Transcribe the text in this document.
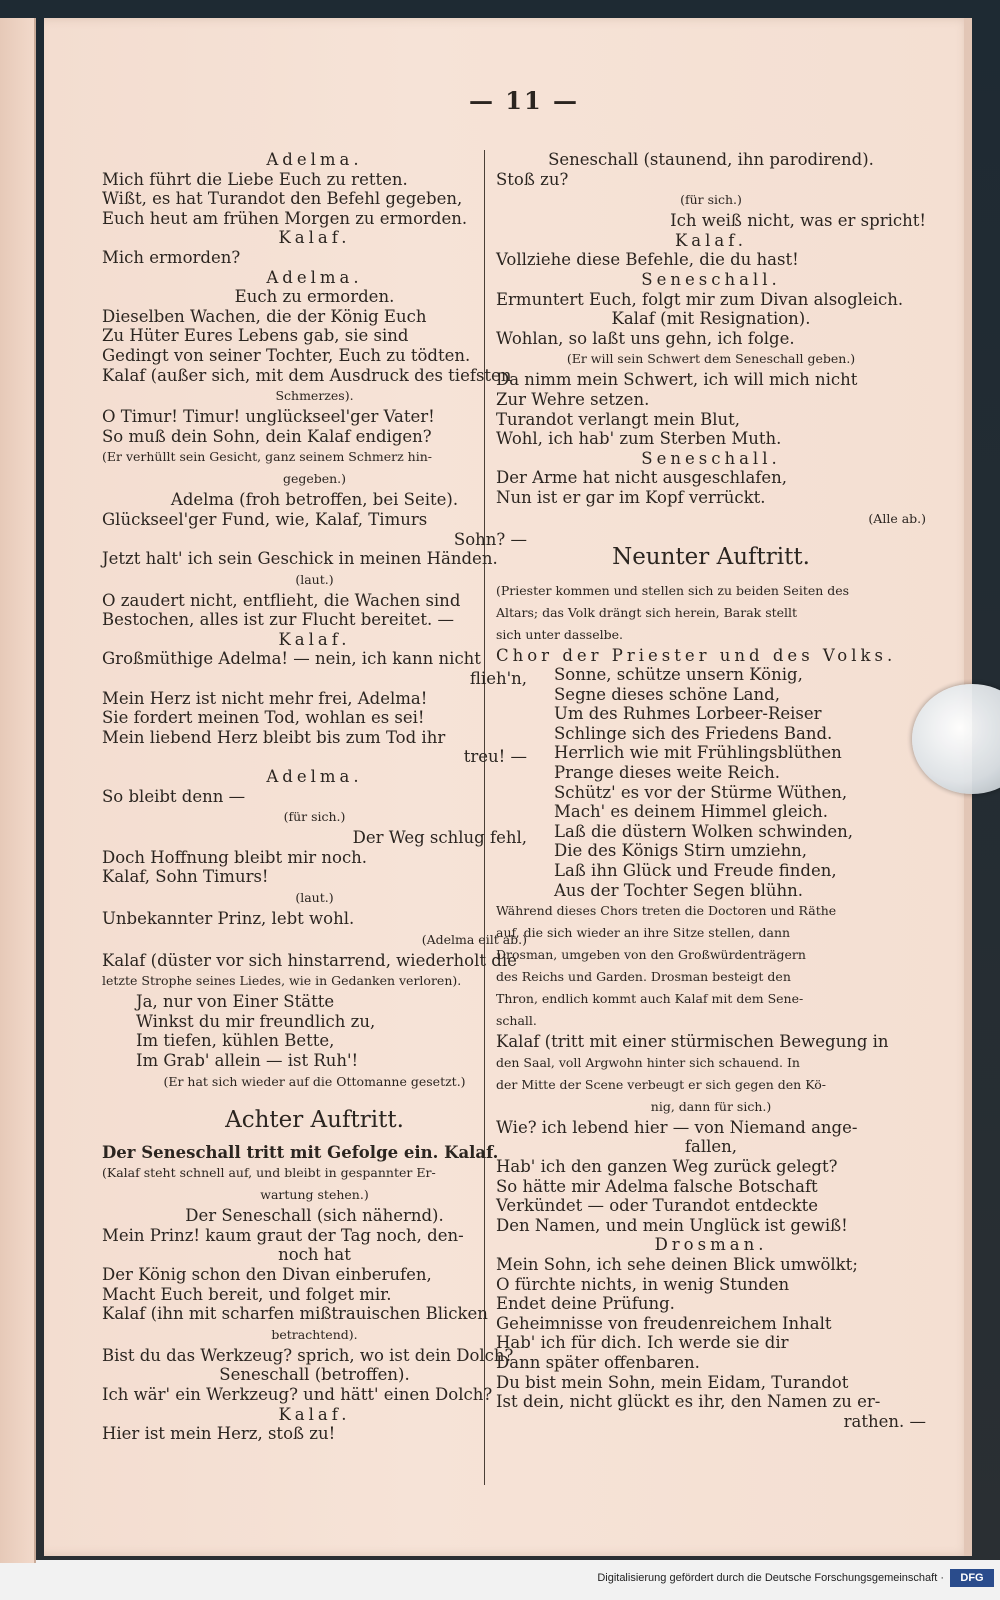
— 11 —
Adelma.
Mich führt die Liebe Euch zu retten.
Wißt, es hat Turandot den Befehl gegeben,
Euch heut am frühen Morgen zu ermorden.
Kalaf.
Mich ermorden?
Adelma.
Euch zu ermorden.
Dieselben Wachen, die der König Euch
Zu Hüter Eures Lebens gab, sie sind
Gedingt von seiner Tochter, Euch zu tödten.
Kalaf (außer sich, mit dem Ausdruck des tiefsten
Schmerzes).
O Timur! Timur! unglückseel'ger Vater!
So muß dein Sohn, dein Kalaf endigen?
(Er verhüllt sein Gesicht, ganz seinem Schmerz hin-
gegeben.)
Adelma (froh betroffen, bei Seite).
Glückseel'ger Fund, wie, Kalaf, Timurs
Sohn? —
Jetzt halt' ich sein Geschick in meinen Händen.
(laut.)
O zaudert nicht, entflieht, die Wachen sind
Bestochen, alles ist zur Flucht bereitet. —
Kalaf.
Großmüthige Adelma! — nein, ich kann nicht
flieh'n,
Mein Herz ist nicht mehr frei, Adelma!
Sie fordert meinen Tod, wohlan es sei!
Mein liebend Herz bleibt bis zum Tod ihr
treu! —
Adelma.
So bleibt denn —
(für sich.)
Der Weg schlug fehl,
Doch Hoffnung bleibt mir noch.
Kalaf, Sohn Timurs!
(laut.)
Unbekannter Prinz, lebt wohl.
(Adelma eilt ab.)
Kalaf (düster vor sich hinstarrend, wiederholt die
letzte Strophe seines Liedes, wie in Gedanken verloren).
Ja, nur von Einer Stätte
Winkst du mir freundlich zu,
Im tiefen, kühlen Bette,
Im Grab' allein — ist Ruh'!
(Er hat sich wieder auf die Ottomanne gesetzt.)
Achter Auftritt.
Der Seneschall tritt mit Gefolge ein. Kalaf.
(Kalaf steht schnell auf, und bleibt in gespannter Er-
wartung stehen.)
Der Seneschall (sich nähernd).
Mein Prinz! kaum graut der Tag noch, den-
noch hat
Der König schon den Divan einberufen,
Macht Euch bereit, und folget mir.
Kalaf (ihn mit scharfen mißtrauischen Blicken
betrachtend).
Bist du das Werkzeug? sprich, wo ist dein Dolch?
Seneschall (betroffen).
Ich wär' ein Werkzeug? und hätt' einen Dolch?
Kalaf.
Hier ist mein Herz, stoß zu!
Seneschall (staunend, ihn parodirend).
Stoß zu?
(für sich.)
Ich weiß nicht, was er spricht!
Kalaf.
Vollziehe diese Befehle, die du hast!
Seneschall.
Ermuntert Euch, folgt mir zum Divan alsogleich.
Kalaf (mit Resignation).
Wohlan, so laßt uns gehn, ich folge.
(Er will sein Schwert dem Seneschall geben.)
Da nimm mein Schwert, ich will mich nicht
Zur Wehre setzen.
Turandot verlangt mein Blut,
Wohl, ich hab' zum Sterben Muth.
Seneschall.
Der Arme hat nicht ausgeschlafen,
Nun ist er gar im Kopf verrückt.
(Alle ab.)
Neunter Auftritt.
(Priester kommen und stellen sich zu beiden Seiten des
Altars; das Volk drängt sich herein, Barak stellt
sich unter dasselbe.
Chor der Priester und des Volks.
Sonne, schütze unsern König,
Segne dieses schöne Land,
Um des Ruhmes Lorbeer-Reiser
Schlinge sich des Friedens Band.
Herrlich wie mit Frühlingsblüthen
Prange dieses weite Reich.
Schütz' es vor der Stürme Wüthen,
Mach' es deinem Himmel gleich.
Laß die düstern Wolken schwinden,
Die des Königs Stirn umziehn,
Laß ihn Glück und Freude finden,
Aus der Tochter Segen blühn.
Während dieses Chors treten die Doctoren und Räthe
auf, die sich wieder an ihre Sitze stellen, dann
Drosman, umgeben von den Großwürdenträgern
des Reichs und Garden. Drosman besteigt den
Thron, endlich kommt auch Kalaf mit dem Sene-
schall.
Kalaf (tritt mit einer stürmischen Bewegung in
den Saal, voll Argwohn hinter sich schauend. In
der Mitte der Scene verbeugt er sich gegen den Kö-
nig, dann für sich.)
Wie? ich lebend hier — von Niemand ange-
fallen,
Hab' ich den ganzen Weg zurück gelegt?
So hätte mir Adelma falsche Botschaft
Verkündet — oder Turandot entdeckte
Den Namen, und mein Unglück ist gewiß!
Drosman.
Mein Sohn, ich sehe deinen Blick umwölkt;
O fürchte nichts, in wenig Stunden
Endet deine Prüfung.
Geheimnisse von freudenreichem Inhalt
Hab' ich für dich. Ich werde sie dir
Dann später offenbaren.
Du bist mein Sohn, mein Eidam, Turandot
Ist dein, nicht glückt es ihr, den Namen zu er-
rathen. —
Digitalisierung gefördert durch die Deutsche Forschungsgemeinschaft ·	DFG
